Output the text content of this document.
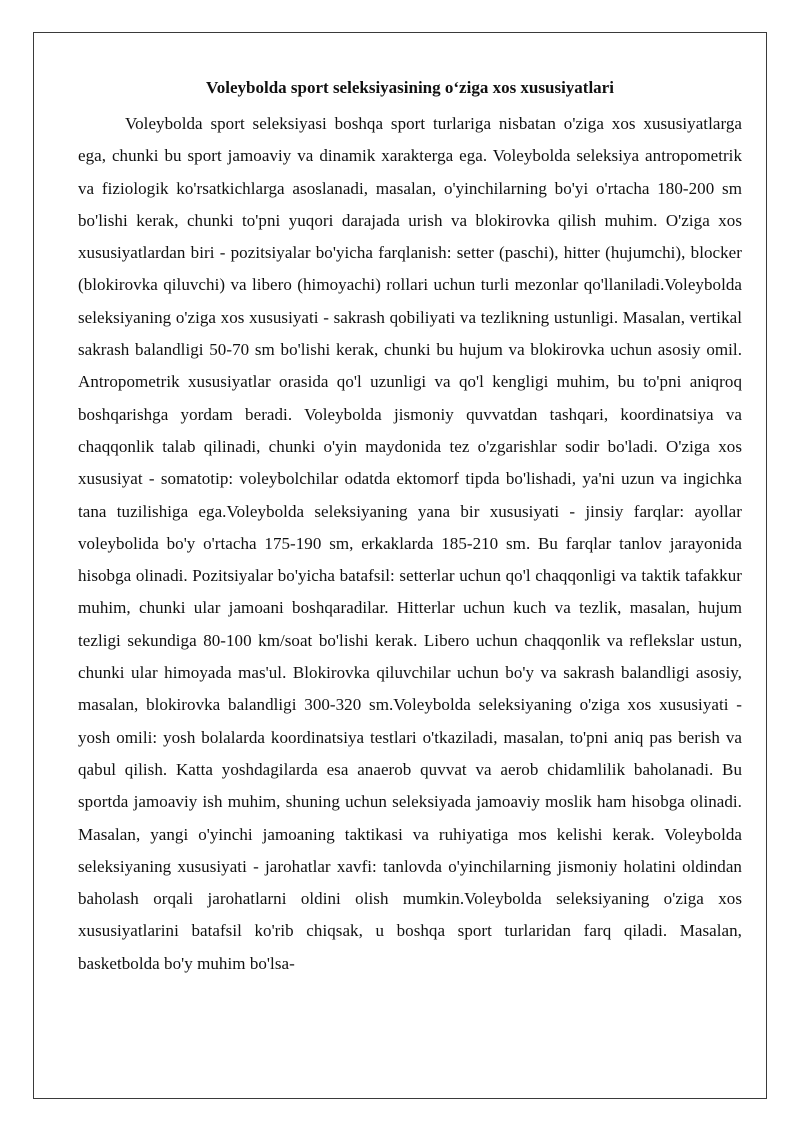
Voleybolda sport seleksiyasining o‘ziga xos xususiyatlari

Voleybolda sport seleksiyasi boshqa sport turlariga nisbatan o'ziga xos xususiyatlarga ega, chunki bu sport jamoaviy va dinamik xarakterga ega. Voleybolda seleksiya antropometrik va fiziologik ko'rsatkichlarga asoslanadi, masalan, o'yinchilarning bo'yi o'rtacha 180-200 sm bo'lishi kerak, chunki to'pni yuqori darajada urish va blokirovka qilish muhim. O'ziga xos xususiyatlardan biri - pozitsiyalar bo'yicha farqlanish: setter (paschi), hitter (hujumchi), blocker (blokirovka qiluvchi) va libero (himoyachi) rollari uchun turli mezonlar qo'llaniladi.Voleybolda seleksiyaning o'ziga xos xususiyati - sakrash qobiliyati va tezlikning ustunligi. Masalan, vertikal sakrash balandligi 50-70 sm bo'lishi kerak, chunki bu hujum va blokirovka uchun asosiy omil. Antropometrik xususiyatlar orasida qo'l uzunligi va qo'l kengligi muhim, bu to'pni aniqroq boshqarishga yordam beradi. Voleybolda jismoniy quvvatdan tashqari, koordinatsiya va chaqqonlik talab qilinadi, chunki o'yin maydonida tez o'zgarishlar sodir bo'ladi. O'ziga xos xususiyat - somatotip: voleybolchilar odatda ektomorf tipda bo'lishadi, ya'ni uzun va ingichka tana tuzilishiga ega.Voleybolda seleksiyaning yana bir xususiyati - jinsiy farqlar: ayollar voleybolida bo'y o'rtacha 175-190 sm, erkaklarda 185-210 sm. Bu farqlar tanlov jarayonida hisobga olinadi. Pozitsiyalar bo'yicha batafsil: setterlar uchun qo'l chaqqonligi va taktik tafakkur muhim, chunki ular jamoani boshqaradilar. Hitterlar uchun kuch va tezlik, masalan, hujum tezligi sekundiga 80-100 km/soat bo'lishi kerak. Libero uchun chaqqonlik va reflekslar ustun, chunki ular himoyada mas'ul. Blokirovka qiluvchilar uchun bo'y va sakrash balandligi asosiy, masalan, blokirovka balandligi 300-320 sm.Voleybolda seleksiyaning o'ziga xos xususiyati - yosh omili: yosh bolalarda koordinatsiya testlari o'tkaziladi, masalan, to'pni aniq pas berish va qabul qilish. Katta yoshdagilarda esa anaerob quvvat va aerob chidamlilik baholanadi. Bu sportda jamoaviy ish muhim, shuning uchun seleksiyada jamoaviy moslik ham hisobga olinadi. Masalan, yangi o'yinchi jamoaning taktikasi va ruhiyatiga mos kelishi kerak. Voleybolda seleksiyaning xususiyati - jarohatlar xavfi: tanlovda o'yinchilarning jismoniy holatini oldindan baholash orqali jarohatlarni oldini olish mumkin.Voleybolda seleksiyaning o'ziga xos xususiyatlarini batafsil ko'rib chiqsak, u boshqa sport turlaridan farq qiladi. Masalan, basketbolda bo'y muhim bo'lsa-
